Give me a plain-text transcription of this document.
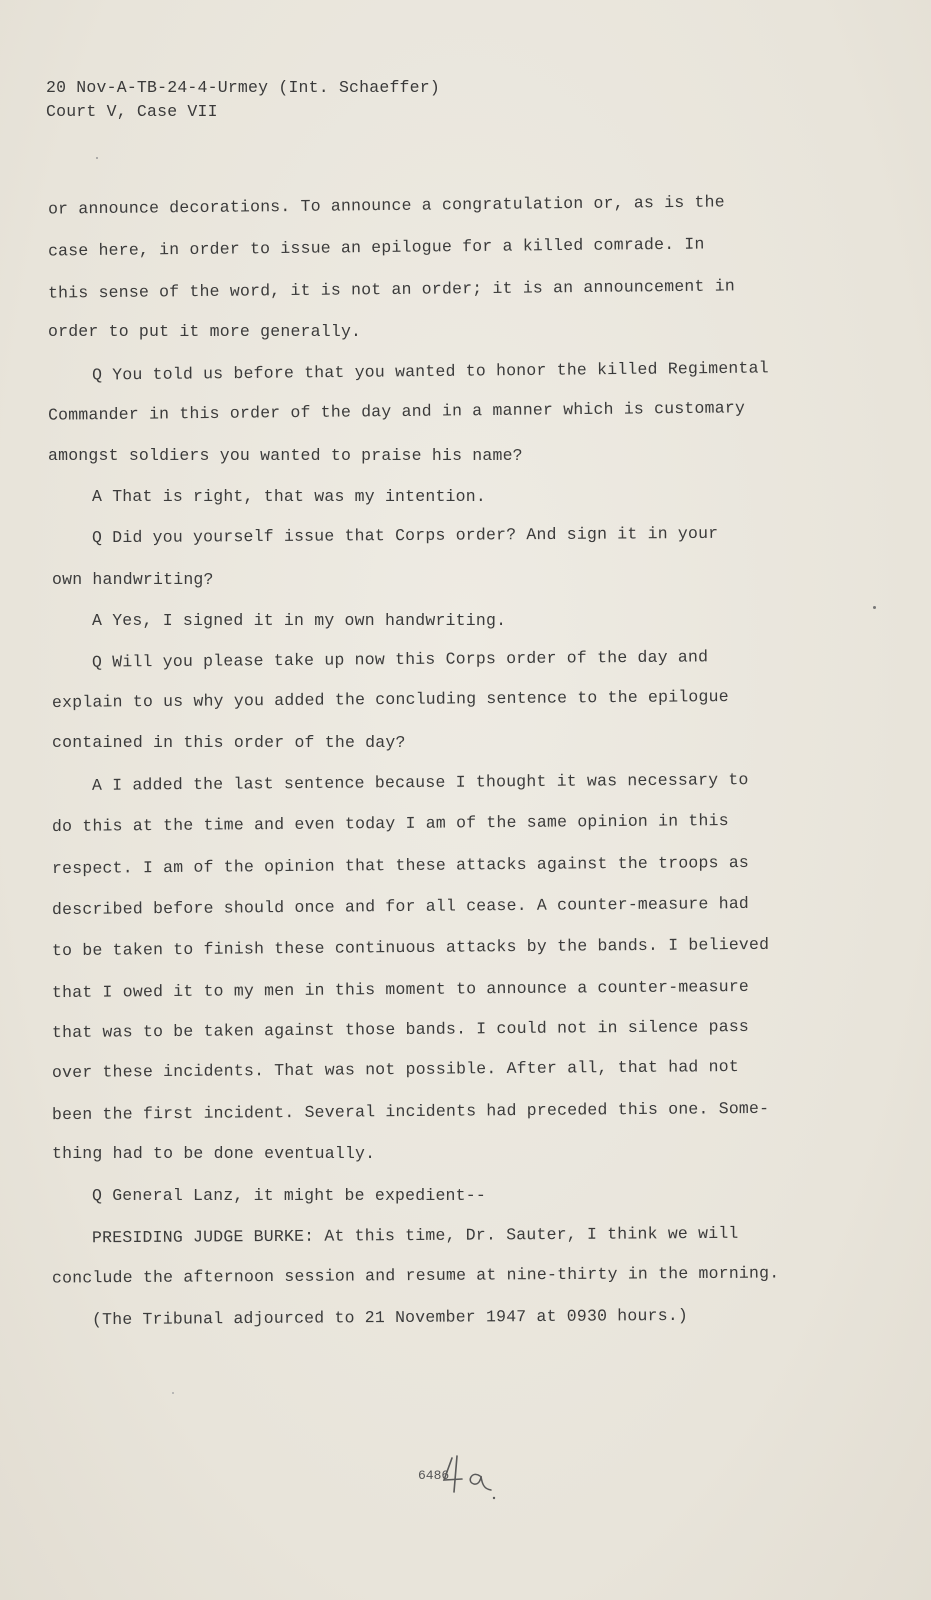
20 Nov-A-TB-24-4-Urmey (Int. Schaeffer)
Court V, Case VII
or announce decorations. To announce a congratulation or, as is the
case here, in order to issue an epilogue for a killed comrade. In
this sense of the word, it is not an order; it is an announcement in
order to put it more generally.
Q You told us before that you wanted to honor the killed Regimental
Commander in this order of the day and in a manner which is customary
amongst soldiers you wanted to praise his name?
A That is right, that was my intention.
Q Did you yourself issue that Corps order? And sign it in your
own handwriting?
A Yes, I signed it in my own handwriting.
Q Will you please take up now this Corps order of the day and
explain to us why you added the concluding sentence to the epilogue
contained in this order of the day?
A I added the last sentence because I thought it was necessary to
do this at the time and even today I am of the same opinion in this
respect. I am of the opinion that these attacks against the troops as
described before should once and for all cease. A counter-measure had
to be taken to finish these continuous attacks by the bands. I believed
that I owed it to my men in this moment to announce a counter-measure
that was to be taken against those bands. I could not in silence pass
over these incidents. That was not possible. After all, that had not
been the first incident. Several incidents had preceded this one. Some-
thing had to be done eventually.
Q General Lanz, it might be expedient--
PRESIDING JUDGE BURKE: At this time, Dr. Sauter, I think we will
conclude the afternoon session and resume at nine-thirty in the morning.
(The Tribunal adjourced to 21 November 1947 at 0930 hours.)
6486
